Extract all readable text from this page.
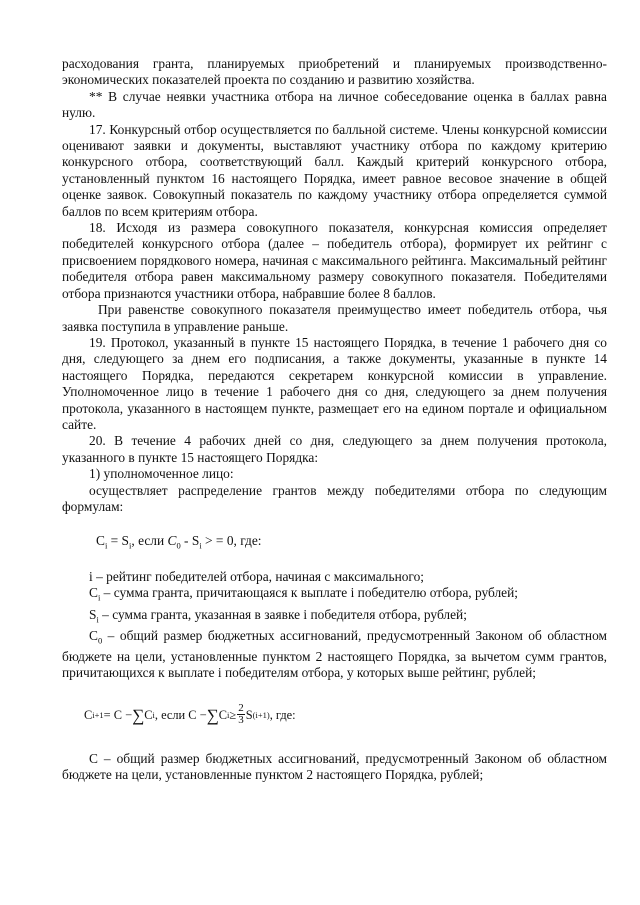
расходования гранта, планируемых приобретений и планируемых производственно-экономических показателей проекта по созданию и развитию хозяйства.

** В случае неявки участника отбора на личное собеседование оценка в баллах равна нулю.

17. Конкурсный отбор осуществляется по балльной системе. Члены конкурсной комиссии оценивают заявки и документы, выставляют участнику отбора по каждому критерию конкурсного отбора, соответствующий балл. Каждый критерий конкурсного отбора, установленный пунктом 16 настоящего Порядка, имеет равное весовое значение в общей оценке заявок. Совокупный показатель по каждому участнику отбора определяется суммой баллов по всем критериям отбора.

18. Исходя из размера совокупного показателя, конкурсная комиссия определяет победителей конкурсного отбора (далее – победитель отбора), формирует их рейтинг с присвоением порядкового номера, начиная с максимального рейтинга. Максимальный рейтинг победителя отбора равен максимальному размеру совокупного показателя. Победителями отбора признаются участники отбора, набравшие более 8 баллов.

При равенстве совокупного показателя преимущество имеет победитель отбора, чья заявка поступила в управление раньше.

19. Протокол, указанный в пункте 15 настоящего Порядка, в течение 1 рабочего дня со дня, следующего за днем его подписания, а также документы, указанные в пункте 14 настоящего Порядка, передаются секретарем конкурсной комиссии в управление. Уполномоченное лицо в течение 1 рабочего дня со дня, следующего за днем получения протокола, указанного в настоящем пункте, размещает его на едином портале и официальном сайте.

20. В течение 4 рабочих дней со дня, следующего за днем получения протокола, указанного в пункте 15 настоящего Порядка:

1) уполномоченное лицо:

осуществляет распределение грантов между победителями отбора по следующим формулам:

$C_i = S_i$, если $C_0 - S_i$ > = 0, где:

i – рейтинг победителей отбора, начиная с максимального;

$C_i$ – сумма гранта, причитающаяся к выплате i победителю отбора, рублей;

$S_i$ – сумма гранта, указанная в заявке i победителя отбора, рублей;

$C_0$ – общий размер бюджетных ассигнований, предусмотренный Законом об областном бюджете на цели, установленные пунктом 2 настоящего Порядка, за вычетом сумм грантов, причитающихся к выплате i победителям отбора, у которых выше рейтинг, рублей;

C i+1 = C − ∑ C i , если C − ∑ C $i \ge \frac{2}{3}$ S (i+1) , где:

С – общий размер бюджетных ассигнований, предусмотренный Законом об областном бюджете на цели, установленные пунктом 2 настоящего Порядка, рублей;
